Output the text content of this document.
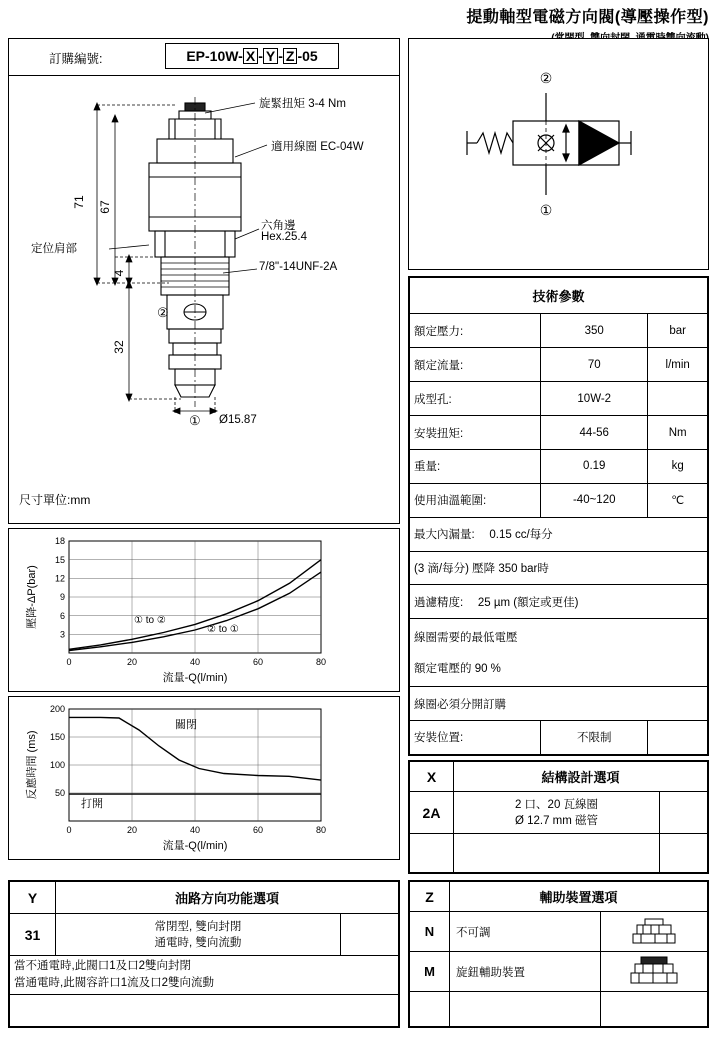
提動軸型電磁方向閥(導壓操作型)
訂購編號:	EP-10W- X - Y - Z -05
71 67
4
32
Ø15.87
②
①
旋緊扭矩 3-4 Nm
適用線圈 EC-04W
六角邊
Hex.25.4
7/8"-14UNF-2A
定位肩部
尺寸單位:mm
18
15
12
9
6
3
0	20	40	60	80
① to ②
② to ①
流量-Q(l/min)
壓降-ΔP(bar)
200
150
100
50
0	20	40	60	80
關閉
打開
流量-Q(l/min)
反應時間 (ms)
Y	油路方向功能選項	
31	常閉型, 雙向封閉
通電時, 雙向流動	

當不通電時,此閥口1及口2雙向封閉
當通電時,此閥容許口1流及口2雙向流動		

②
①
技術參數		
額定壓力:	350	bar
額定流量:	70	l/min
成型孔:	10W-2	
安裝扭矩:	44-56	Nm
重量:	0.19	kg
使用油溫範圍:	-40~120	℃
最大內漏量:　 0.15 cc/每分		
(3 滴/每分) 壓降 350 bar時		
過濾精度:　 25 µm (額定或更佳)		
線圈需要的最低電壓		
額定電壓的 90 %		
線圈必須分開訂購		
安裝位置:	不限制	
X	結構設計選項	
2A	2 口、20 瓦線圈
Ø 12.7 mm 磁管	

Z	輔助裝置選項	
N	不可調	

M	旋鈕輔助裝置	
